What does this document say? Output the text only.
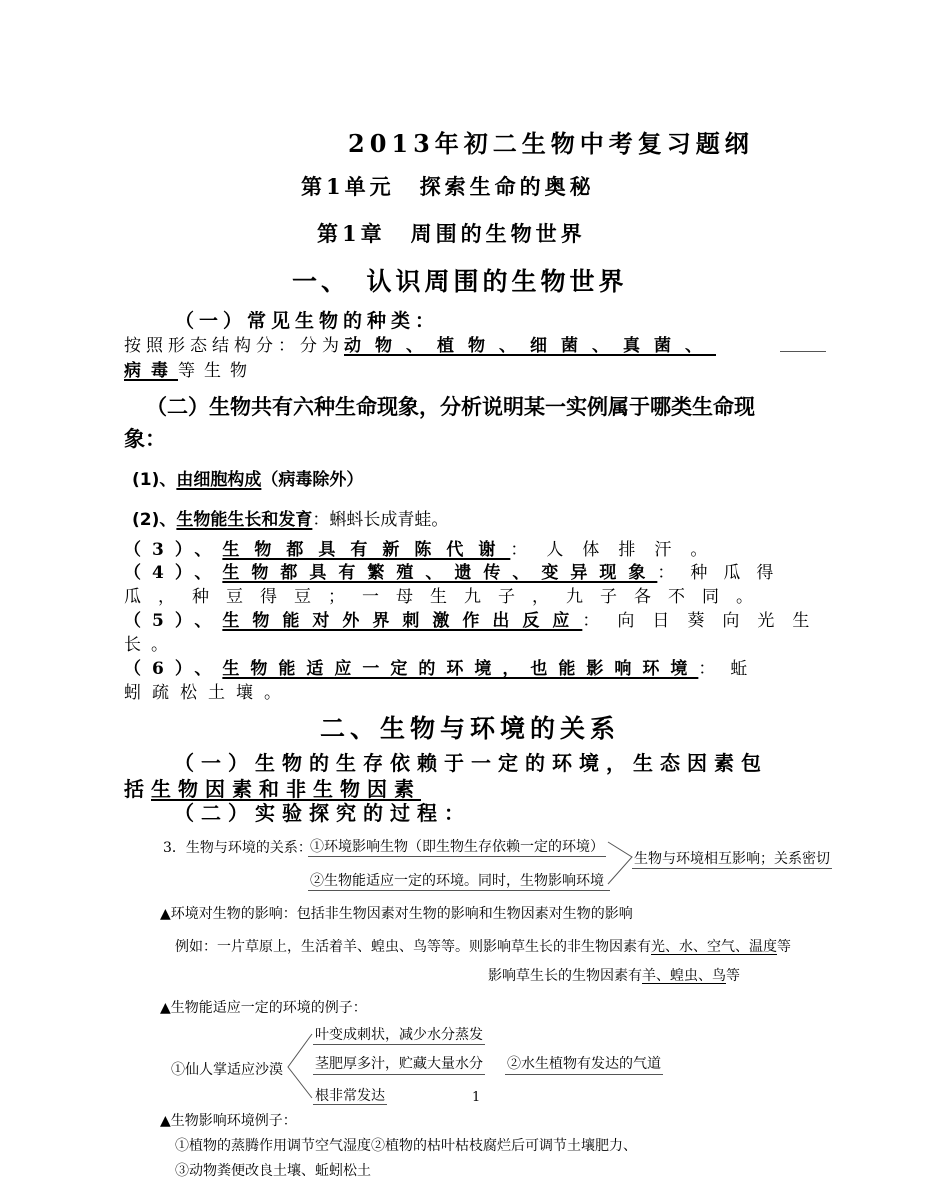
2013年初二生物中考复习题纲
第1单元　探索生命的奥秘
第1章　周围的生物世界
一、　认识周围的生物世界
（一）常见生物的种类：
按照形态结构分：分为动物、植物、细菌、真菌、
病毒等生物
（二）生物共有六种生命现象，分析说明某一实例属于哪类生命现
象：
(1)、由细胞构成（病毒除外）
(2)、生物能生长和发育：蝌蚪长成青蛙。
（3）、生物都具有新陈代谢：人体排汗。
（4）、生物都具有繁殖、遗传、变异现象：种瓜得
瓜，种豆得豆；一母生九子，九子各不同。
（5）、生物能对外界刺激作出反应：向日葵向光生
长。
（6）、生物能适应一定的环境，也能影响环境：蚯
蚓疏松土壤。
二、生物与环境的关系
（一）生物的生存依赖于一定的环境，生态因素包
括生物因素和非生物因素
（二）实验探究的过程：
3．生物与环境的关系：
①环境影响生物（即生物生存依赖一定的环境）
②生物能适应一定的环境。同时，生物影响环境
生物与环境相互影响；关系密切
▲环境对生物的影响：包括非生物因素对生物的影响和生物因素对生物的影响
例如：一片草原上，生活着羊、蝗虫、鸟等等。则影响草生长的非生物因素有光、水、空气、温度等
影响草生长的生物因素有羊、蝗虫、鸟等
▲生物能适应一定的环境的例子：
①仙人掌适应沙漠
叶变成刺状，减少水分蒸发
茎肥厚多汁，贮藏大量水分
根非常发达
②水生植物有发达的气道
1
▲生物影响环境例子：
①植物的蒸腾作用调节空气湿度②植物的枯叶枯枝腐烂后可调节土壤肥力、
③动物粪便改良土壤、蚯蚓松土
